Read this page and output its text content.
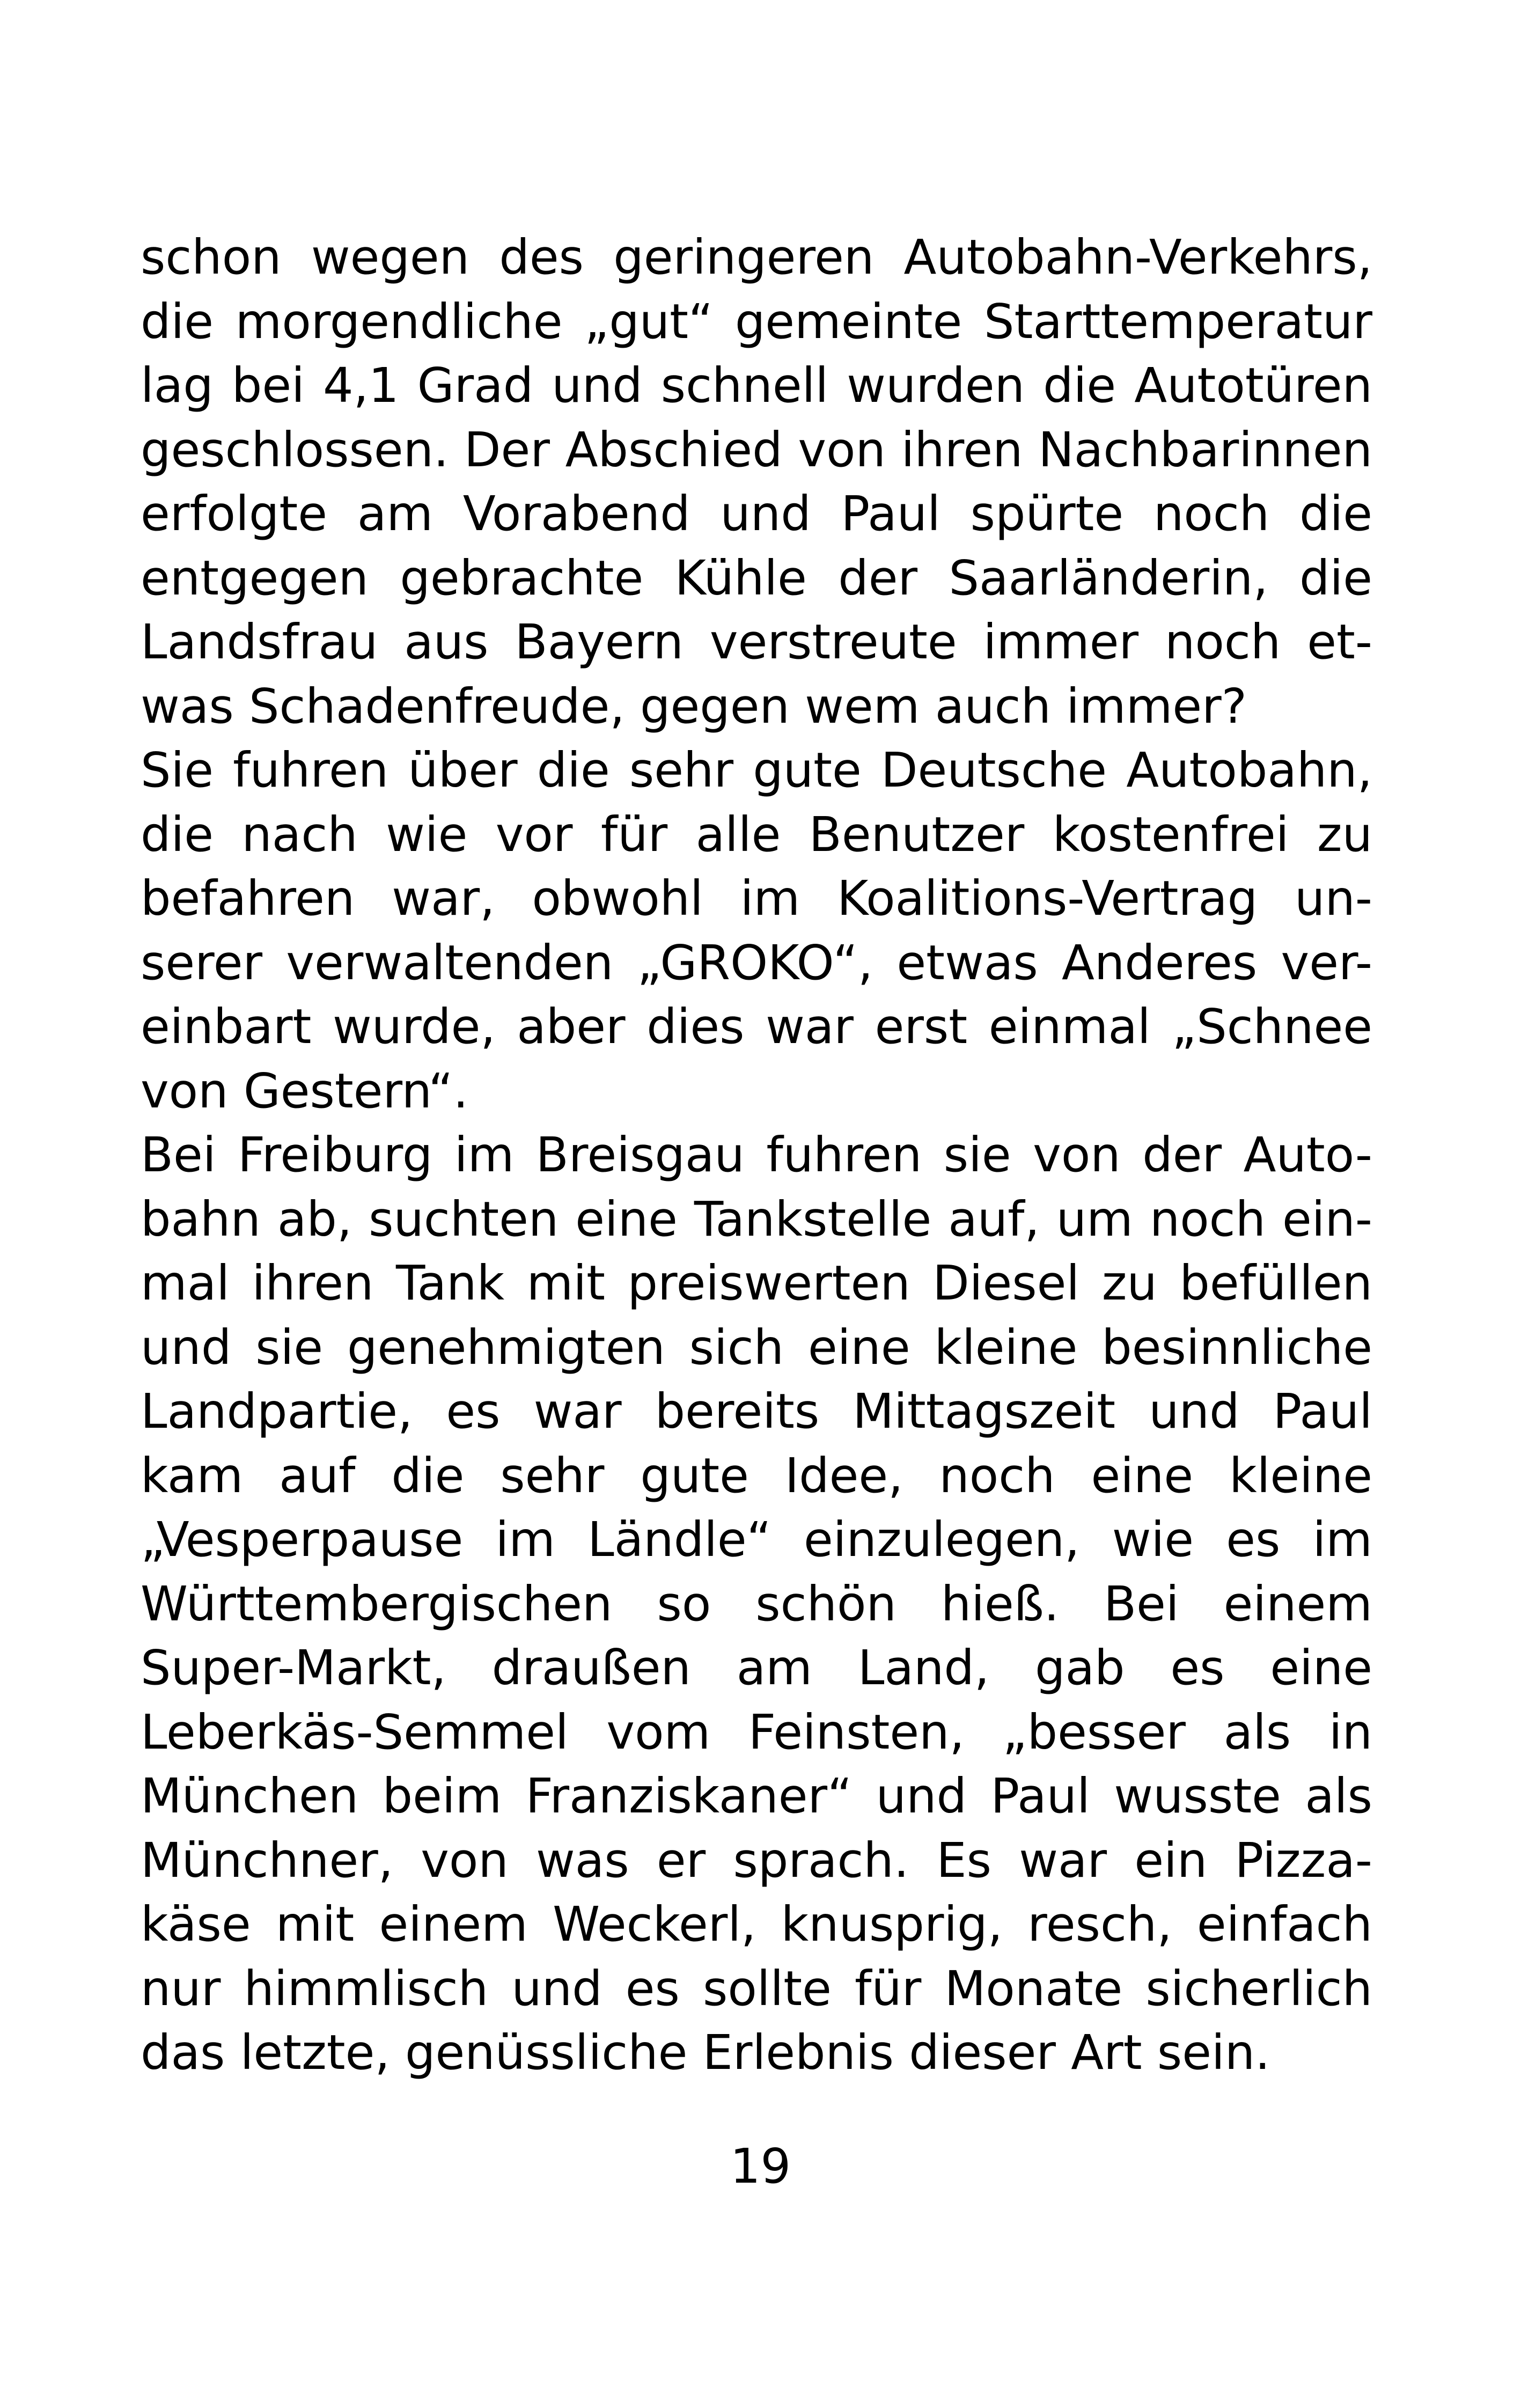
schon wegen des geringeren Autobahn-Verkehrs,
die morgendliche „gut“ gemeinte Starttemperatur
lag bei 4,1 Grad und schnell wurden die Autotüren
geschlossen. Der Abschied von ihren Nachbarinnen
erfolgte am Vorabend und Paul spürte noch die
entgegen gebrachte Kühle der Saarländerin, die
Landsfrau aus Bayern verstreute immer noch et-
was Schadenfreude, gegen wem auch immer?
Sie fuhren über die sehr gute Deutsche Autobahn,
die nach wie vor für alle Benutzer kostenfrei zu
befahren war, obwohl im Koalitions-Vertrag un-
serer verwaltenden „GROKO“, etwas Anderes ver-
einbart wurde, aber dies war erst einmal „Schnee
von Gestern“.
Bei Freiburg im Breisgau fuhren sie von der Auto-
bahn ab, suchten eine Tankstelle auf, um noch ein-
mal ihren Tank mit preiswerten Diesel zu befüllen
und sie genehmigten sich eine kleine besinnliche
Landpartie, es war bereits Mittagszeit und Paul
kam auf die sehr gute Idee, noch eine kleine
„Vesperpause im Ländle“ einzulegen, wie es im
Württembergischen so schön hieß. Bei einem
Super-Markt, draußen am Land, gab es eine
Leberkäs-Semmel vom Feinsten, „besser als in
München beim Franziskaner“ und Paul wusste als
Münchner, von was er sprach. Es war ein Pizza-
käse mit einem Weckerl, knusprig, resch, einfach
nur himmlisch und es sollte für Monate sicherlich
das letzte, genüssliche Erlebnis dieser Art sein.
19
